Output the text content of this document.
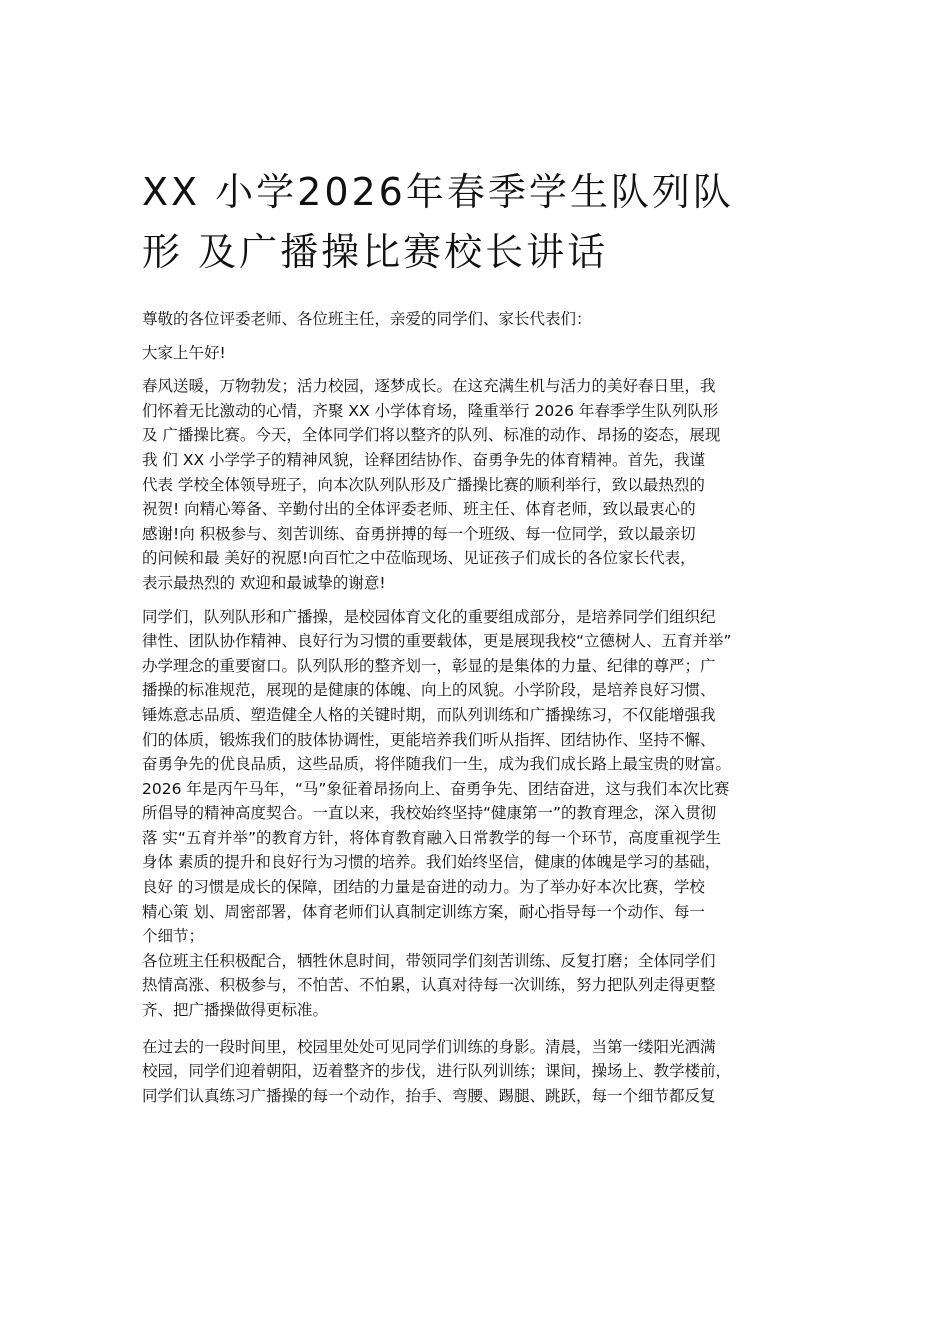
XX 小学2026年春季学生队列队
形 及广播操比赛校长讲话
尊敬的各位评委老师、各位班主任，亲爱的同学们、家长代表们：
大家上午好!
春风送暖，万物勃发；活力校园，逐梦成长。在这充满生机与活力的美好春日里，我
们怀着无比激动的心情，齐聚 XX 小学体育场，隆重举行 2026 年春季学生队列队形
及 广播操比赛。今天，全体同学们将以整齐的队列、标准的动作、昂扬的姿态，展现
我 们 XX 小学学子的精神风貌，诠释团结协作、奋勇争先的体育精神。首先，我谨
代表 学校全体领导班子，向本次队列队形及广播操比赛的顺利举行，致以最热烈的
祝贺! 向精心筹备、辛勤付出的全体评委老师、班主任、体育老师，致以最衷心的
感谢!向 积极参与、刻苦训练、奋勇拼搏的每一个班级、每一位同学，致以最亲切
的问候和最 美好的祝愿!向百忙之中莅临现场、见证孩子们成长的各位家长代表，
表示最热烈的 欢迎和最诚挚的谢意!
同学们，队列队形和广播操，是校园体育文化的重要组成部分，是培养同学们组织纪
律性、团队协作精神、良好行为习惯的重要载体，更是展现我校“立德树人、五育并举”
办学理念的重要窗口。队列队形的整齐划一，彰显的是集体的力量、纪律的尊严；广
播操的标准规范，展现的是健康的体魄、向上的风貌。小学阶段，是培养良好习惯、
锤炼意志品质、塑造健全人格的关键时期，而队列训练和广播操练习，不仅能增强我
们的体质，锻炼我们的肢体协调性，更能培养我们听从指挥、团结协作、坚持不懈、
奋勇争先的优良品质，这些品质，将伴随我们一生，成为我们成长路上最宝贵的财富。
2026 年是丙午马年，“马”象征着昂扬向上、奋勇争先、团结奋进，这与我们本次比赛
所倡导的精神高度契合。一直以来，我校始终坚持“健康第一”的教育理念，深入贯彻
落 实“五育并举”的教育方针，将体育教育融入日常教学的每一个环节，高度重视学生
身体 素质的提升和良好行为习惯的培养。我们始终坚信，健康的体魄是学习的基础，
良好 的习惯是成长的保障，团结的力量是奋进的动力。为了举办好本次比赛，学校
精心策 划、周密部署，体育老师们认真制定训练方案，耐心指导每一个动作、每一
个细节；
各位班主任积极配合，牺牲休息时间，带领同学们刻苦训练、反复打磨；全体同学们
热情高涨、积极参与，不怕苦、不怕累，认真对待每一次训练，努力把队列走得更整
齐、把广播操做得更标准。
在过去的一段时间里，校园里处处可见同学们训练的身影。清晨，当第一缕阳光洒满
校园，同学们迎着朝阳，迈着整齐的步伐，进行队列训练；课间，操场上、教学楼前，
同学们认真练习广播操的每一个动作，抬手、弯腰、踢腿、跳跃，每一个细节都反复
